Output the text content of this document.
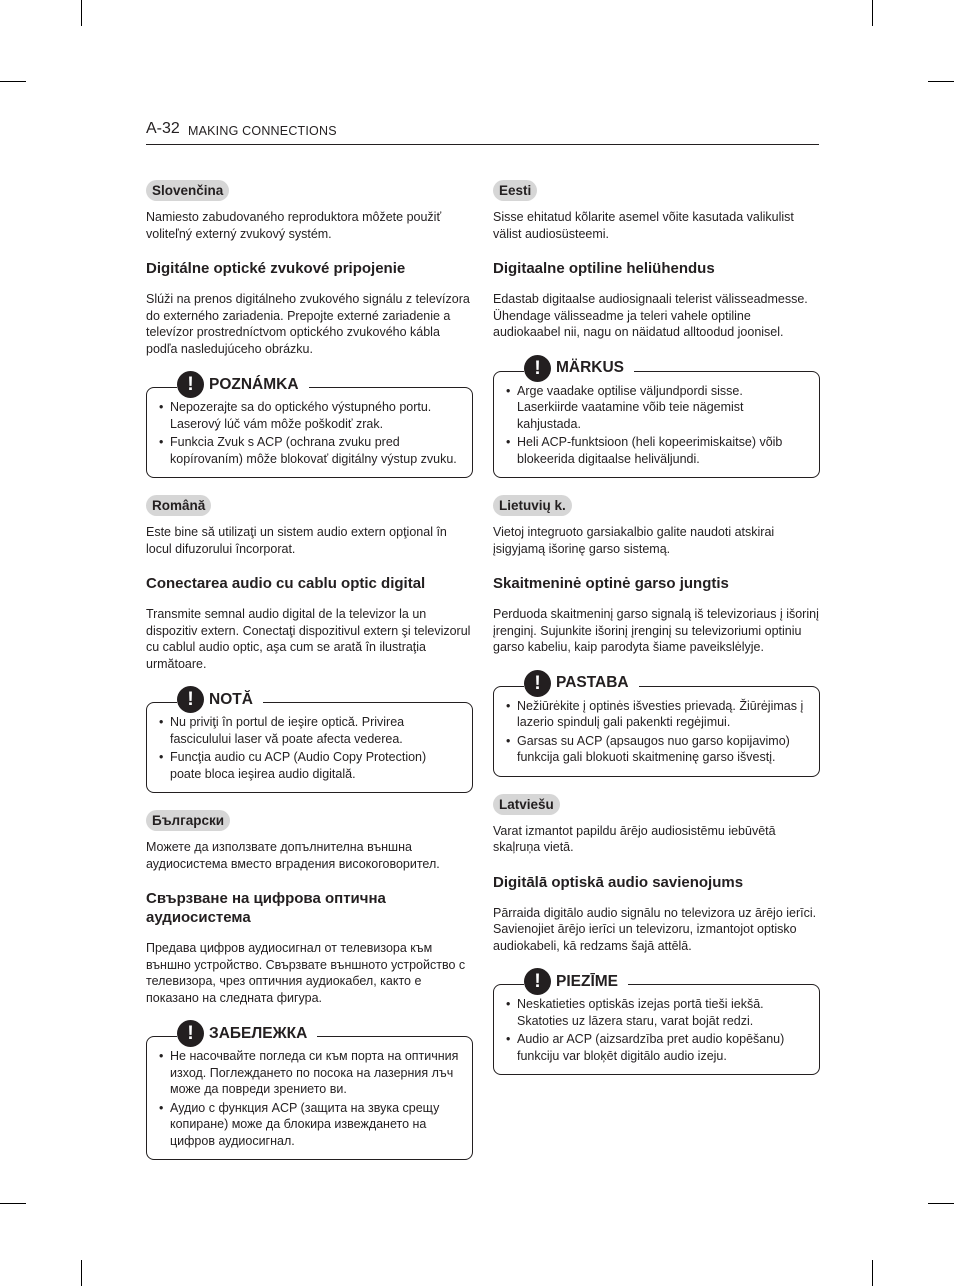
A-32 MAKING CONNECTIONS
Slovenčina

Namiesto zabudovaného reproduktora môžete použiť voliteľný externý zvukový systém.

Digitálne optické zvukové pripojenie

Slúži na prenos digitálneho zvukového signálu z televízora do externého zariadenia. Prepojte externé zariadenie a televízor prostredníctvom optického zvukového kábla podľa nasledujúceho obrázku.

! POZNÁMKA
• Nepozerajte sa do optického výstupného portu. Laserový lúč vám môže poškodiť zrak.
• Funkcia Zvuk s ACP (ochrana zvuku pred kopírovaním) môže blokovať digitálny výstup zvuku.
Română

Este bine să utilizaţi un sistem audio extern opţional în locul difuzorului încorporat.

Conectarea audio cu cablu optic digital

Transmite semnal audio digital de la televizor la un dispozitiv extern. Conectaţi dispozitivul extern şi televizorul cu cablul audio optic, aşa cum se arată în ilustraţia următoare.

! NOTĂ
• Nu priviţi în portul de ieşire optică. Privirea fasciculului laser vă poate afecta vederea.
• Funcţia audio cu ACP (Audio Copy Protection) poate bloca ieşirea audio digitală.
Български

Можете да използвате допълнителна външна аудиосистема вместо вградения високоговорител.

Свързване на цифрова оптична аудиосистема

Предава цифров аудиосигнал от телевизора към външно устройство. Свързвате външното устройство с телевизора, чрез оптичния аудиокабел, както е показано на следната фигура.

! ЗАБЕЛЕЖКА
• Не насочвайте погледа си към порта на оптичния изход. Поглеждането по посока на лазерния лъч може да повреди зрението ви.
• Аудио с функция ACP (защита на звука срещу копиране) може да блокира извеждането на цифров аудиосигнал.
Eesti

Sisse ehitatud kõlarite asemel võite kasutada valikulist välist audiosüsteemi.

Digitaalne optiline heliühendus

Edastab digitaalse audiosignaali telerist välisseadmesse. Ühendage välisseadme ja teleri vahele optiline audiokaabel nii, nagu on näidatud alltoodud joonisel.

! MÄRKUS
• Arge vaadake optilise väljundpordi sisse. Laserkiirde vaatamine võib teie nägemist kahjustada.
• Heli ACP-funktsioon (heli kopeerimiskaitse) võib blokeerida digitaalse heliväljundi.
Lietuvių k.

Vietoj integruoto garsiakalbio galite naudoti atskirai įsigyjamą išorinę garso sistemą.

Skaitmeninė optinė garso jungtis

Perduoda skaitmeninį garso signalą iš televizoriaus į išorinį įrenginį. Sujunkite išorinį įrenginį su televizoriumi optiniu garso kabeliu, kaip parodyta šiame paveikslėlyje.

! PASTABA
• Nežiūrėkite į optinės išvesties prievadą. Žiūrėjimas į lazerio spindulį gali pakenkti regėjimui.
• Garsas su ACP (apsaugos nuo garso kopijavimo) funkcija gali blokuoti skaitmeninę garso išvestį.
Latviešu

Varat izmantot papildu ārējo audiosistēmu iebūvētā skaļruņa vietā.

Digitālā optiskā audio savienojums

Pārraida digitālo audio signālu no televizora uz ārējo ierīci. Savienojiet ārējo ierīci un televizoru, izmantojot optisko audiokabeli, kā redzams šajā attēlā.

! PIEZĪME
• Neskatieties optiskās izejas portā tieši iekšā. Skatoties uz lāzera staru, varat bojāt redzi.
• Audio ar ACP (aizsardzība pret audio kopēšanu) funkciju var bloķēt digitālo audio izeju.
